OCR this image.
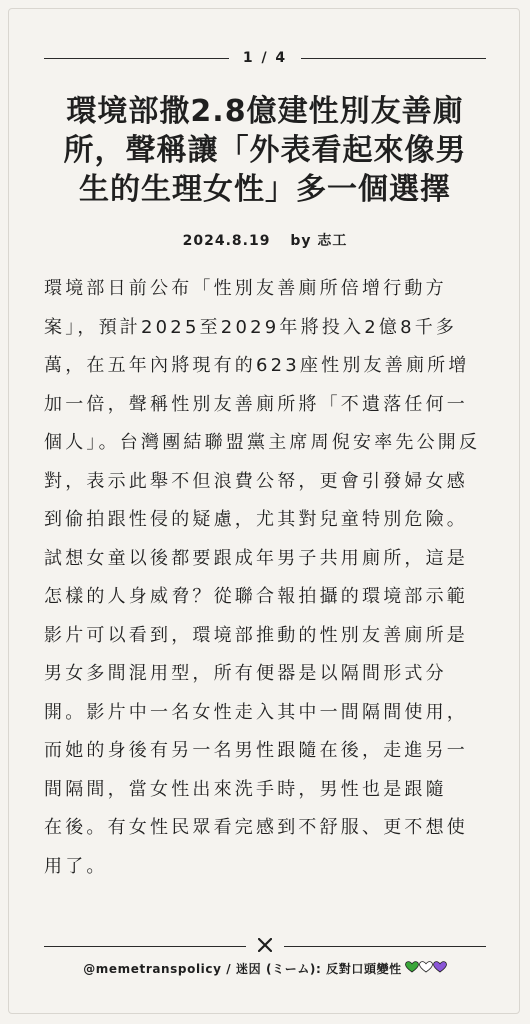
1 / 4
環境部撒2.8億建性別友善廁
所，聲稱讓「外表看起來像男
生的生理女性」多一個選擇
2024.8.19 by 志工
環境部日前公布「性別友善廁所倍增行動方
案」，預計2025至2029年將投入2億8千多
萬，在五年內將現有的623座性別友善廁所增
加一倍，聲稱性別友善廁所將「不遺落任何一
個人」。台灣團結聯盟黨主席周倪安率先公開反
對，表示此舉不但浪費公帑，更會引發婦女感
到偷拍跟性侵的疑慮，尤其對兒童特別危險。
試想女童以後都要跟成年男子共用廁所，這是
怎樣的人身威脅？從聯合報拍攝的環境部示範
影片可以看到，環境部推動的性別友善廁所是
男女多間混用型，所有便器是以隔間形式分
開。影片中一名女性走入其中一間隔間使用，
而她的身後有另一名男性跟隨在後，走進另一
間隔間，當女性出來洗手時，男性也是跟隨
在後。有女性民眾看完感到不舒服、更不想使
用了。
@memetranspolicy / 迷因 (ミーム): 反對口頭變性
